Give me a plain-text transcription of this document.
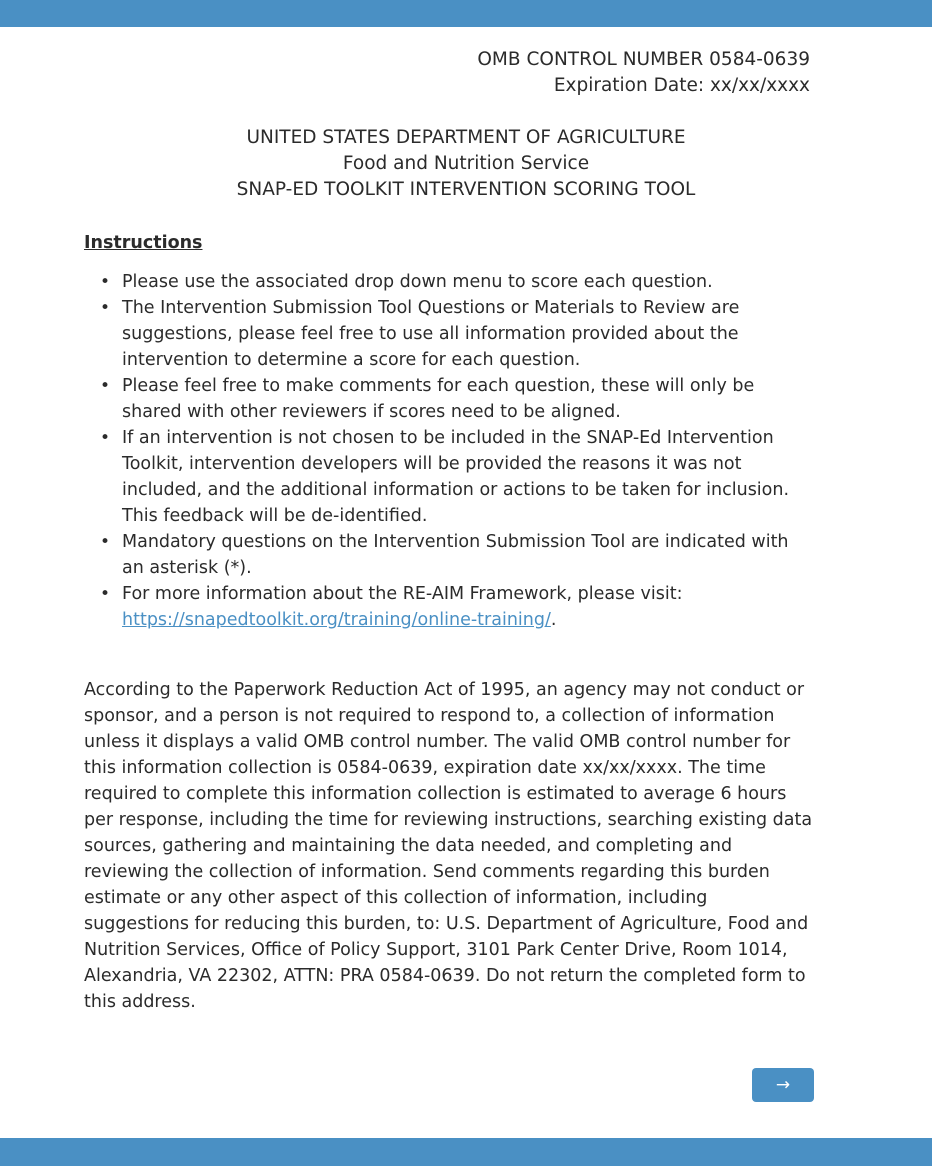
OMB CONTROL NUMBER 0584-0639
Expiration Date: xx/xx/xxxx
UNITED STATES DEPARTMENT OF AGRICULTURE
Food and Nutrition Service
SNAP-ED TOOLKIT INTERVENTION SCORING TOOL
Instructions
• Please use the associated drop down menu to score each question.
• The Intervention Submission Tool Questions or Materials to Review are suggestions, please feel free to use all information provided about the intervention to determine a score for each question.
• Please feel free to make comments for each question, these will only be shared with other reviewers if scores need to be aligned.
• If an intervention is not chosen to be included in the SNAP-Ed Intervention Toolkit, intervention developers will be provided the reasons it was not included, and the additional information or actions to be taken for inclusion. This feedback will be de-identified.
• Mandatory questions on the Intervention Submission Tool are indicated with an asterisk (*).
• For more information about the RE-AIM Framework, please visit: https://snapedtoolkit.org/training/online-training/.
According to the Paperwork Reduction Act of 1995, an agency may not conduct or sponsor, and a person is not required to respond to, a collection of information unless it displays a valid OMB control number. The valid OMB control number for this information collection is 0584-0639, expiration date xx/xx/xxxx. The time required to complete this information collection is estimated to average 6 hours per response, including the time for reviewing instructions, searching existing data sources, gathering and maintaining the data needed, and completing and reviewing the collection of information. Send comments regarding this burden estimate or any other aspect of this collection of information, including suggestions for reducing this burden, to: U.S. Department of Agriculture, Food and Nutrition Services, Office of Policy Support, 3101 Park Center Drive, Room 1014, Alexandria, VA 22302, ATTN: PRA 0584-0639. Do not return the completed form to this address.
→
